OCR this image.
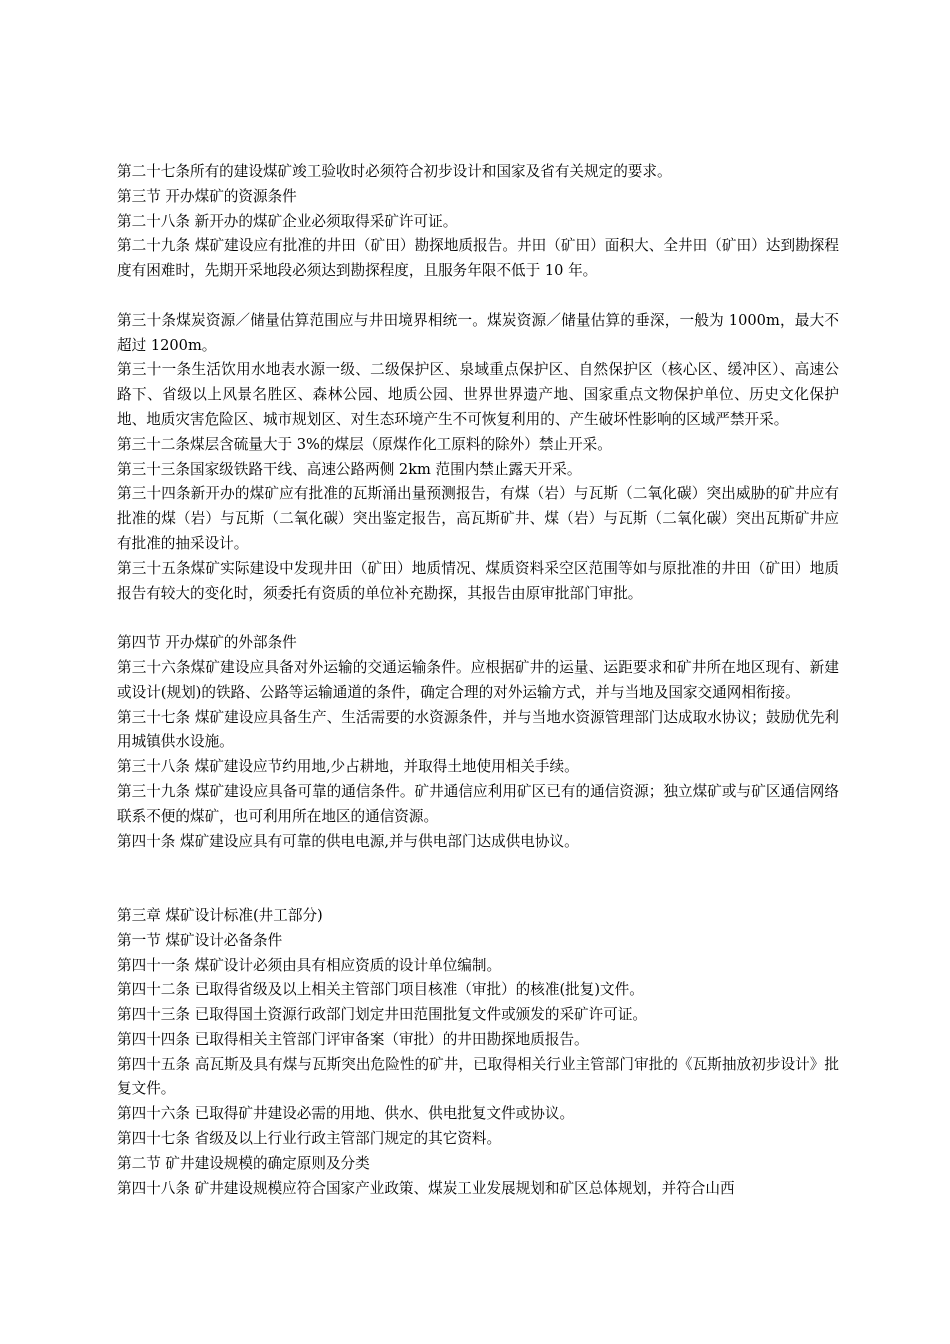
第二十七条所有的建设煤矿竣工验收时必须符合初步设计和国家及省有关规定的要求。

第三节 开办煤矿的资源条件

第二十八条 新开办的煤矿企业必须取得采矿许可证。

第二十九条 煤矿建设应有批准的井田（矿田）勘探地质报告。井田（矿田）面积大、全井田（矿田）达到勘探程度有困难时，先期开采地段必须达到勘探程度，且服务年限不低于 10 年。

第三十条煤炭资源／储量估算范围应与井田境界相统一。煤炭资源／储量估算的垂深，一般为 1000m，最大不超过 1200m。

第三十一条生活饮用水地表水源一级、二级保护区、泉域重点保护区、自然保护区（核心区、缓冲区）、高速公路下、省级以上风景名胜区、森林公园、地质公园、世界世界遗产地、国家重点文物保护单位、历史文化保护地、地质灾害危险区、城市规划区、对生态环境产生不可恢复利用的、产生破坏性影响的区域严禁开采。

第三十二条煤层含硫量大于 3%的煤层（原煤作化工原料的除外）禁止开采。

第三十三条国家级铁路干线、高速公路两侧 2km 范围内禁止露天开采。

第三十四条新开办的煤矿应有批准的瓦斯涌出量预测报告，有煤（岩）与瓦斯（二氧化碳）突出威胁的矿井应有批准的煤（岩）与瓦斯（二氧化碳）突出鉴定报告，高瓦斯矿井、煤（岩）与瓦斯（二氧化碳）突出瓦斯矿井应有批准的抽采设计。

第三十五条煤矿实际建设中发现井田（矿田）地质情况、煤质资料采空区范围等如与原批准的井田（矿田）地质报告有较大的变化时，须委托有资质的单位补充勘探，其报告由原审批部门审批。

第四节 开办煤矿的外部条件

第三十六条煤矿建设应具备对外运输的交通运输条件。应根据矿井的运量、运距要求和矿井所在地区现有、新建或设计(规划)的铁路、公路等运输通道的条件，确定合理的对外运输方式，并与当地及国家交通网相衔接。

第三十七条 煤矿建设应具备生产、生活需要的水资源条件，并与当地水资源管理部门达成取水协议；鼓励优先利用城镇供水设施。

第三十八条 煤矿建设应节约用地,少占耕地，并取得土地使用相关手续。

第三十九条 煤矿建设应具备可靠的通信条件。矿井通信应利用矿区已有的通信资源；独立煤矿或与矿区通信网络联系不便的煤矿，也可利用所在地区的通信资源。

第四十条 煤矿建设应具有可靠的供电电源,并与供电部门达成供电协议。

第三章 煤矿设计标准(井工部分)

第一节 煤矿设计必备条件

第四十一条 煤矿设计必须由具有相应资质的设计单位编制。

第四十二条 已取得省级及以上相关主管部门项目核准（审批）的核准(批复)文件。

第四十三条 已取得国土资源行政部门划定井田范围批复文件或颁发的采矿许可证。

第四十四条 已取得相关主管部门评审备案（审批）的井田勘探地质报告。

第四十五条 高瓦斯及具有煤与瓦斯突出危险性的矿井，已取得相关行业主管部门审批的《瓦斯抽放初步设计》批复文件。

第四十六条 已取得矿井建设必需的用地、供水、供电批复文件或协议。

第四十七条 省级及以上行业行政主管部门规定的其它资料。

第二节 矿井建设规模的确定原则及分类

第四十八条 矿井建设规模应符合国家产业政策、煤炭工业发展规划和矿区总体规划，并符合山西
